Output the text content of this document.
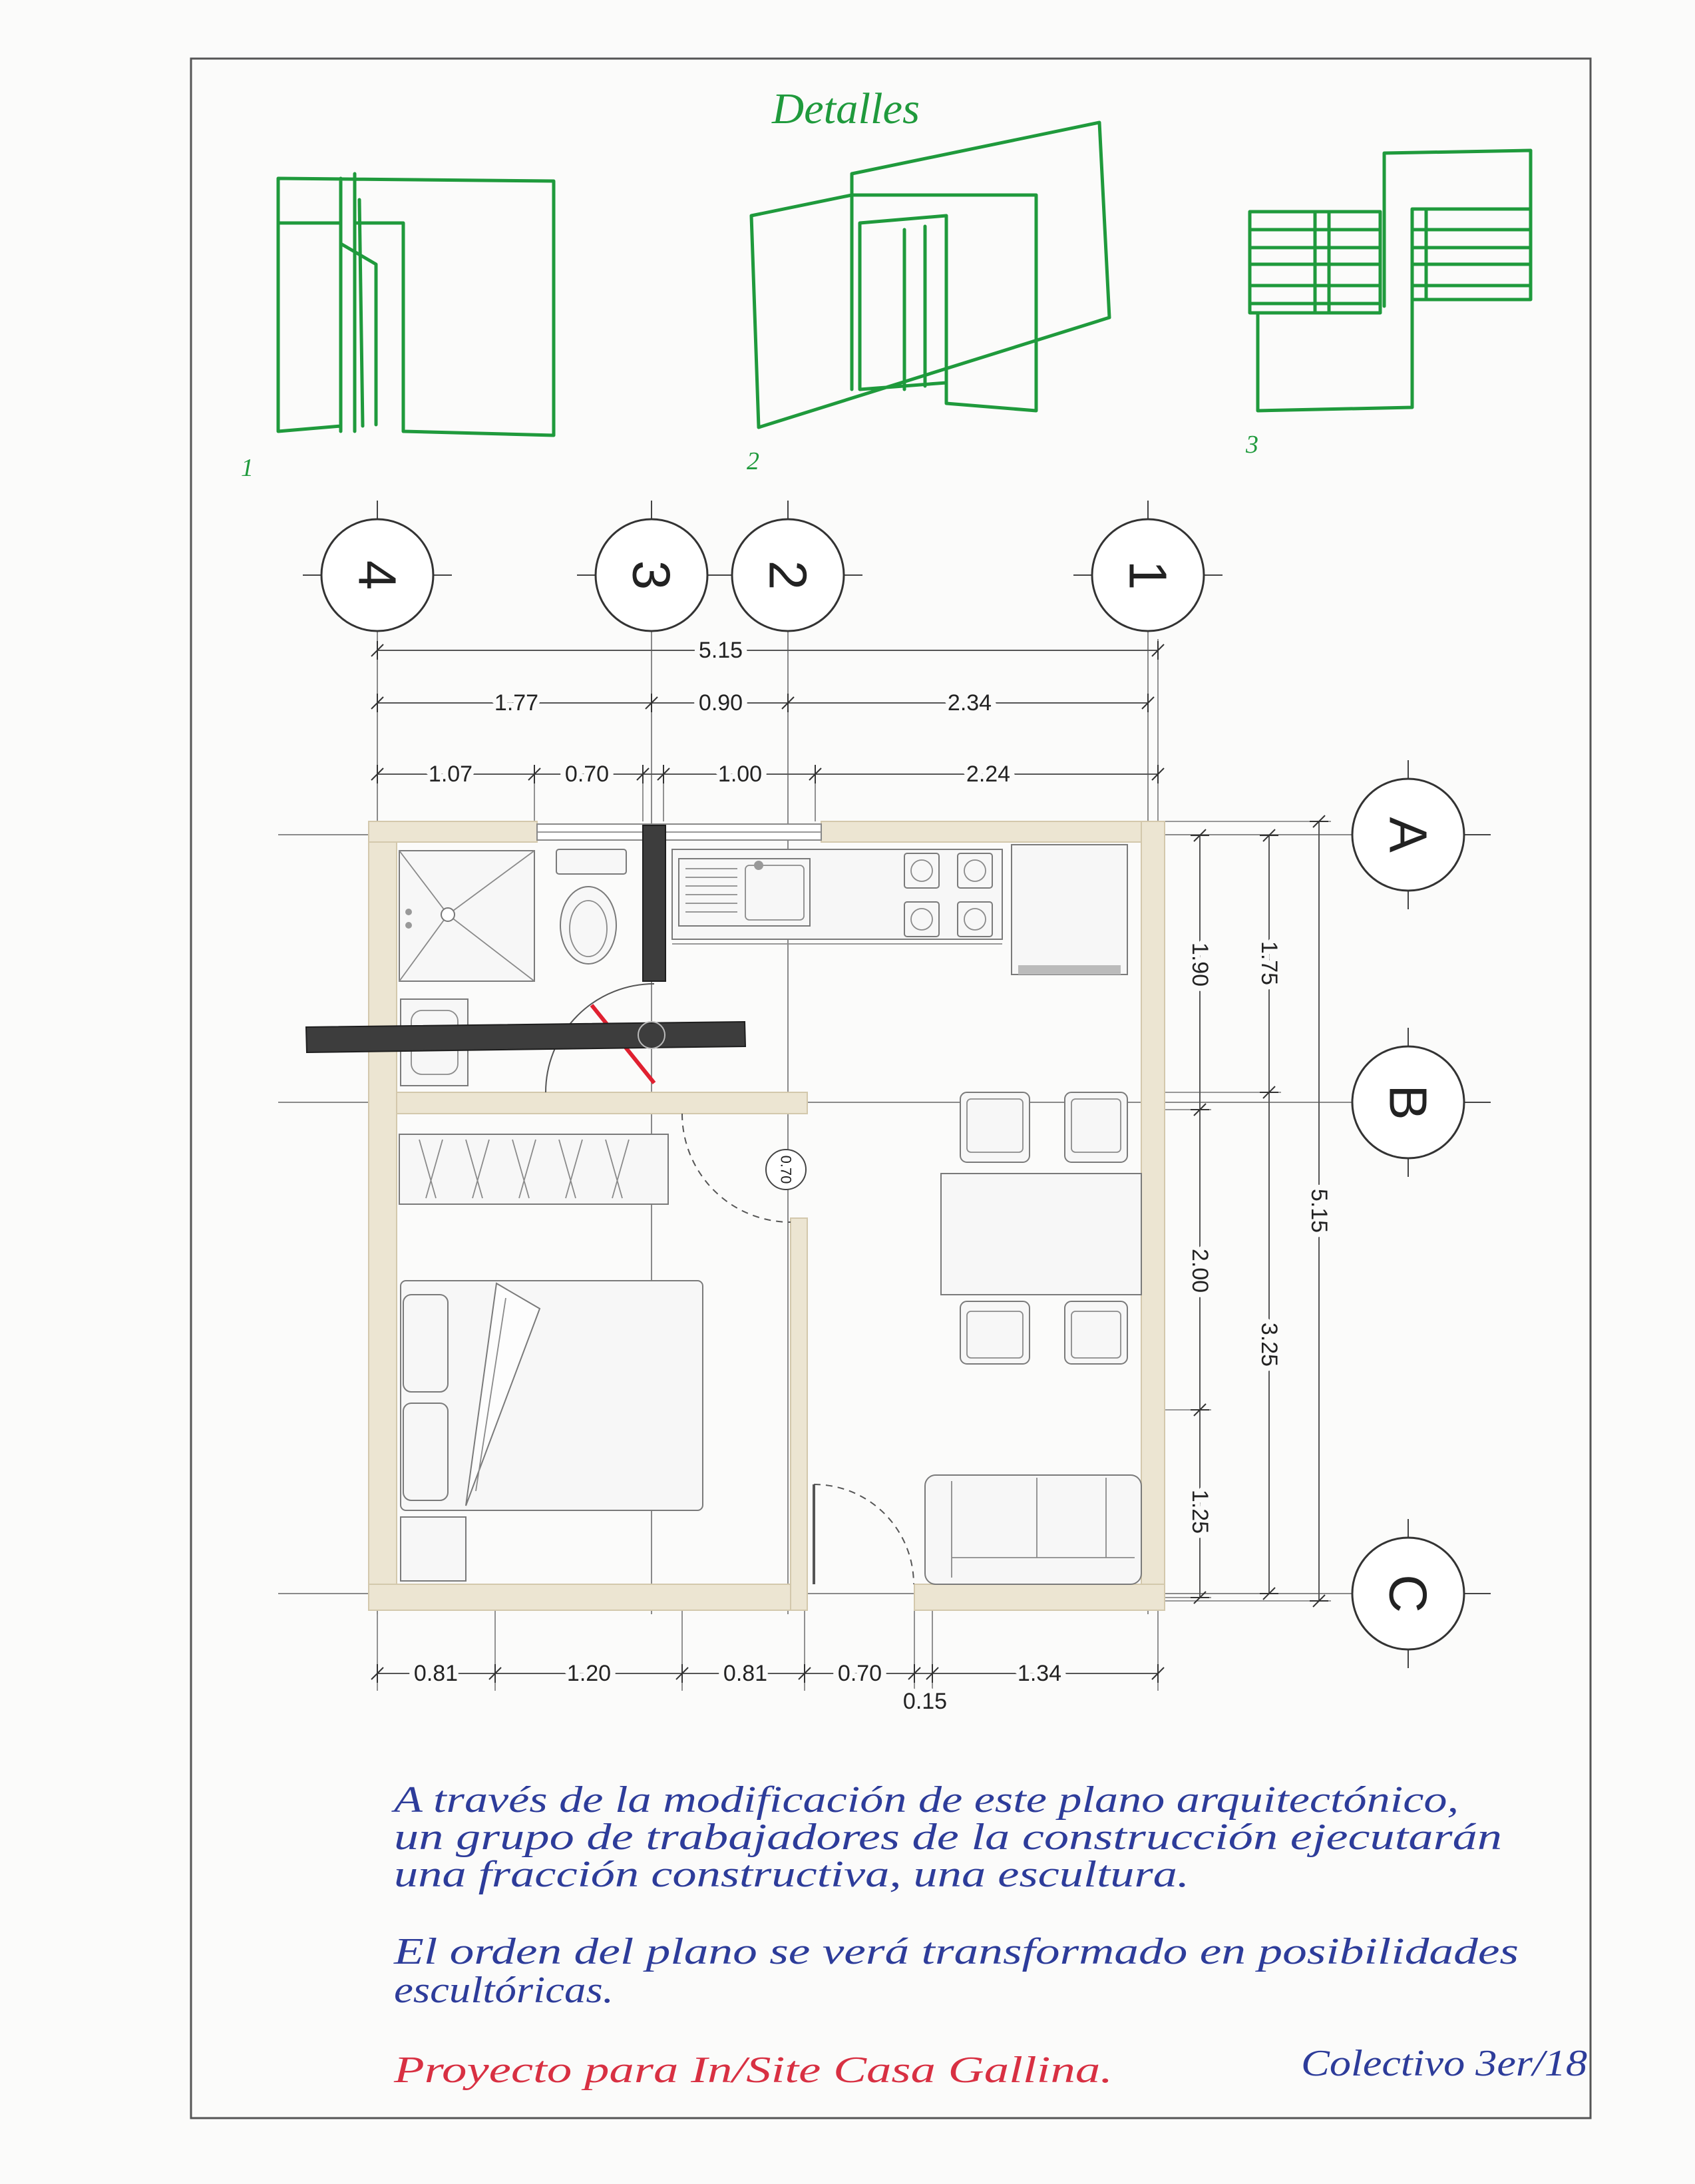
Detalles
1	2
3
4	3 2	1
A
B
C
5.15
1.77	0.90	2.34
1.07	0.70	1.00	2.24
1.90
2.00
1.25
1.75
3.25
5.15
0.81	1.20	0.81	0.70
0.15
1.34
0.70
A través de la modificación de este plano arquitectónico,
un grupo de trabajadores de la construcción ejecutarán
una fracción constructiva, una escultura.
El orden del plano se verá transformado en posibilidades
escultóricas.
Proyecto para In/Site Casa Gallina.	Colectivo 3er/18
